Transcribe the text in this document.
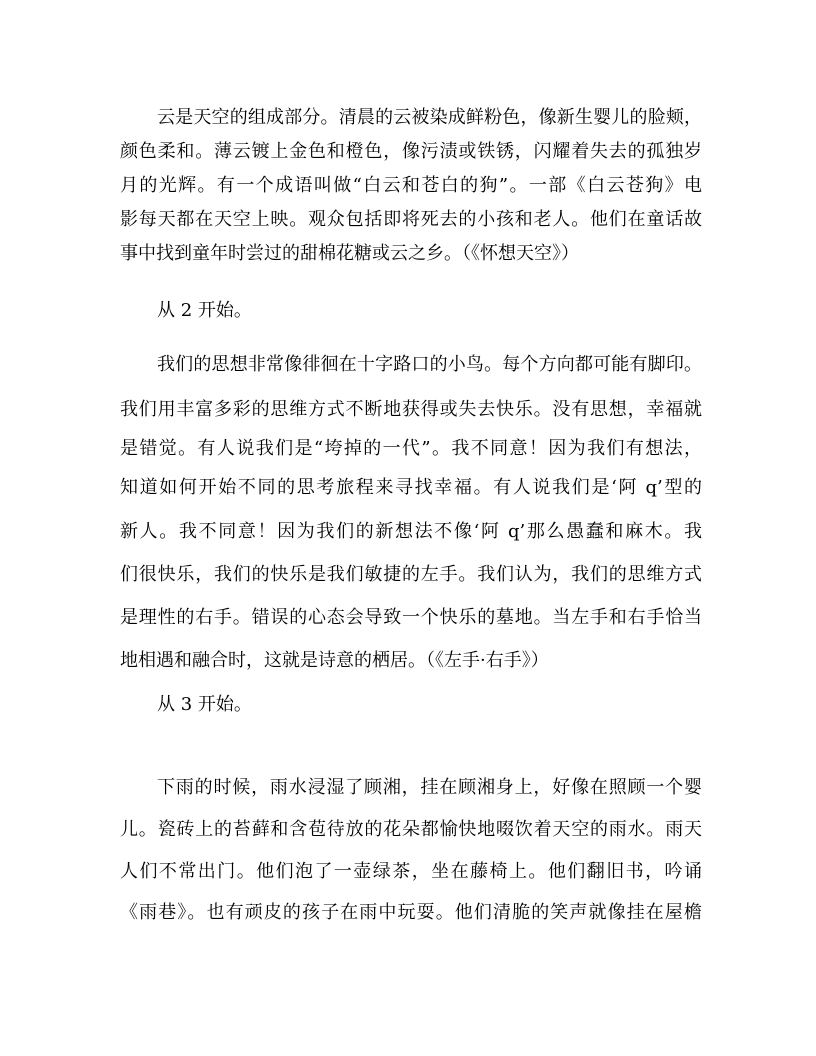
云是天空的组成部分。清晨的云被染成鲜粉色，像新生婴儿的脸颊，
颜色柔和。薄云镀上金色和橙色，像污渍或铁锈，闪耀着失去的孤独岁
月的光辉。有一个成语叫做“白云和苍白的狗”。一部《白云苍狗》电
影每天都在天空上映。观众包括即将死去的小孩和老人。他们在童话故
事中找到童年时尝过的甜棉花糖或云之乡。（《怀想天空》）
从 2 开始。
我们的思想非常像徘徊在十字路口的小鸟。每个方向都可能有脚印。
我们用丰富多彩的思维方式不断地获得或失去快乐。没有思想，幸福就
是错觉。有人说我们是“垮掉的一代”。我不同意！因为我们有想法，
知道如何开始不同的思考旅程来寻找幸福。有人说我们是‘阿 q’型的
新人。我不同意！因为我们的新想法不像‘阿 q’那么愚蠢和麻木。我
们很快乐，我们的快乐是我们敏捷的左手。我们认为，我们的思维方式
是理性的右手。错误的心态会导致一个快乐的墓地。当左手和右手恰当
地相遇和融合时，这就是诗意的栖居。（《左手·右手》）
从 3 开始。
下雨的时候，雨水浸湿了顾湘，挂在顾湘身上，好像在照顾一个婴
儿。瓷砖上的苔藓和含苞待放的花朵都愉快地啜饮着天空的雨水。雨天
人们不常出门。他们泡了一壶绿茶，坐在藤椅上。他们翻旧书，吟诵
《雨巷》。也有顽皮的孩子在雨中玩耍。他们清脆的笑声就像挂在屋檐
